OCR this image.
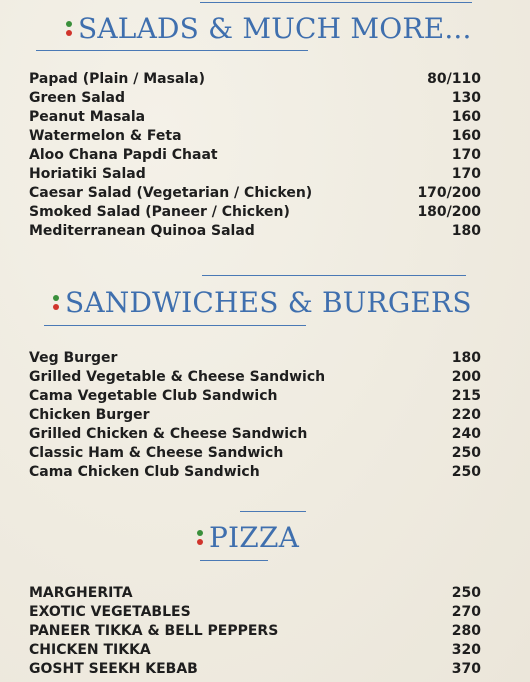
SALADS & MUCH MORE...
Papad (Plain / Masala)	80/110
Green Salad	130
Peanut Masala	160
Watermelon & Feta	160
Aloo Chana Papdi Chaat	170
Horiatiki Salad	170
Caesar Salad (Vegetarian / Chicken)	170/200
Smoked Salad (Paneer / Chicken)	180/200
Mediterranean Quinoa Salad	180
SANDWICHES & BURGERS
Veg Burger	180
Grilled Vegetable & Cheese Sandwich	200
Cama Vegetable Club Sandwich	215
Chicken Burger	220
Grilled Chicken & Cheese Sandwich	240
Classic Ham & Cheese Sandwich	250
Cama Chicken Club Sandwich	250
PIZZA
MARGHERITA	250
EXOTIC VEGETABLES	270
PANEER TIKKA & BELL PEPPERS	280
CHICKEN TIKKA	320
GOSHT SEEKH KEBAB	370
